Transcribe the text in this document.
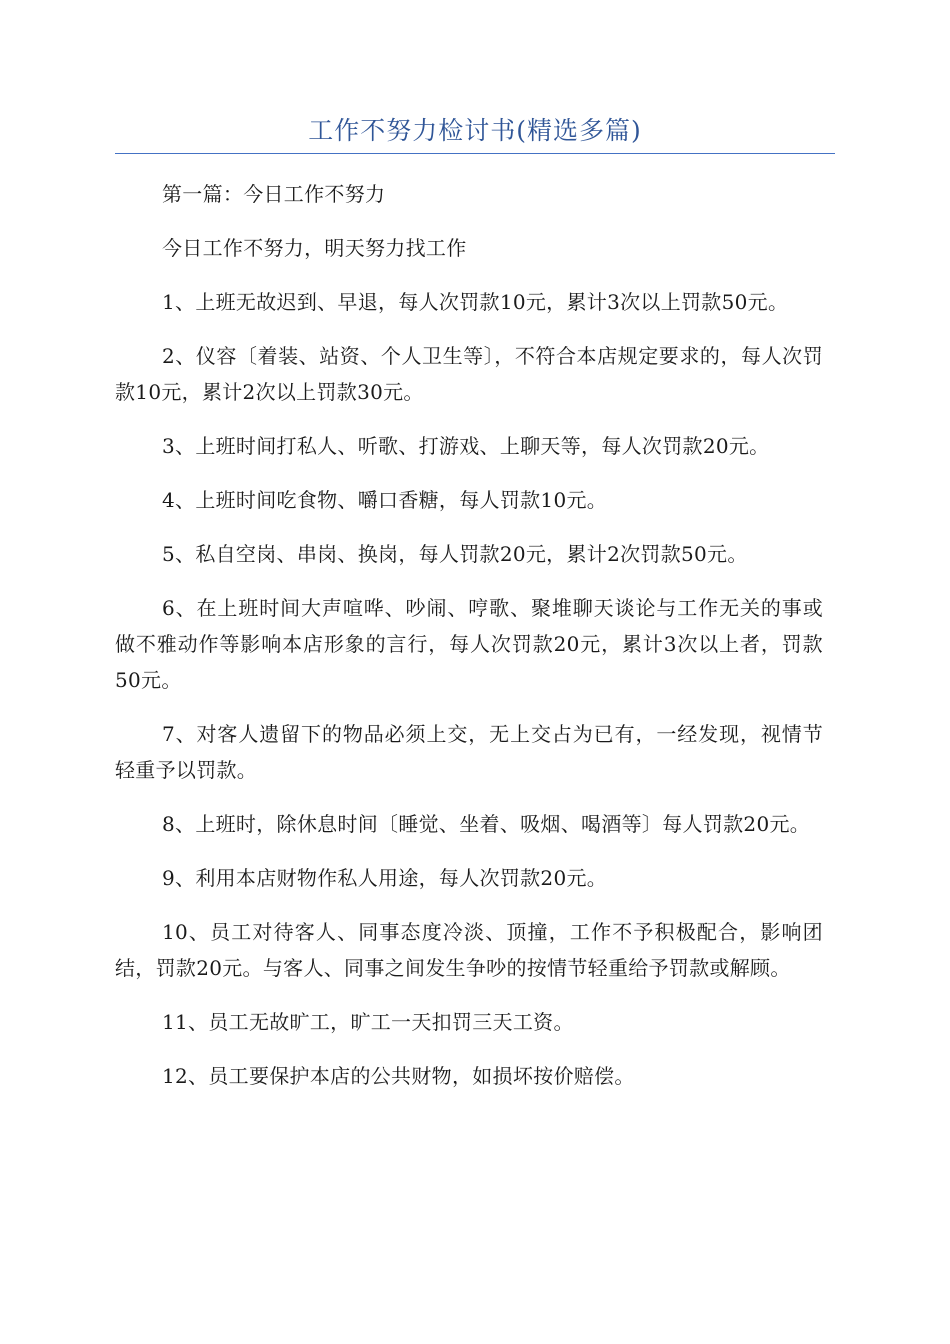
工作不努力检讨书(精选多篇)

第一篇：今日工作不努力

今日工作不努力，明天努力找工作

1、上班无故迟到、早退，每人次罚款10元，累计3次以上罚款50元。

2、仪容〔着装、站资、个人卫生等〕，不符合本店规定要求的，每人次罚款10元，累计2次以上罚款30元。

3、上班时间打私人、听歌、打游戏、上聊天等，每人次罚款20元。

4、上班时间吃食物、嚼口香糖，每人罚款10元。

5、私自空岗、串岗、换岗，每人罚款20元，累计2次罚款50元。

6、在上班时间大声喧哗、吵闹、哼歌、聚堆聊天谈论与工作无关的事或做不雅动作等影响本店形象的言行，每人次罚款20元，累计3次以上者，罚款50元。

7、对客人遗留下的物品必须上交，无上交占为已有，一经发现，视情节轻重予以罚款。

8、上班时，除休息时间〔睡觉、坐着、吸烟、喝酒等〕每人罚款20元。

9、利用本店财物作私人用途，每人次罚款20元。

10、员工对待客人、同事态度冷淡、顶撞，工作不予积极配合，影响团结，罚款20元。与客人、同事之间发生争吵的按情节轻重给予罚款或解顾。

11、员工无故旷工，旷工一天扣罚三天工资。

12、员工要保护本店的公共财物，如损坏按价赔偿。
